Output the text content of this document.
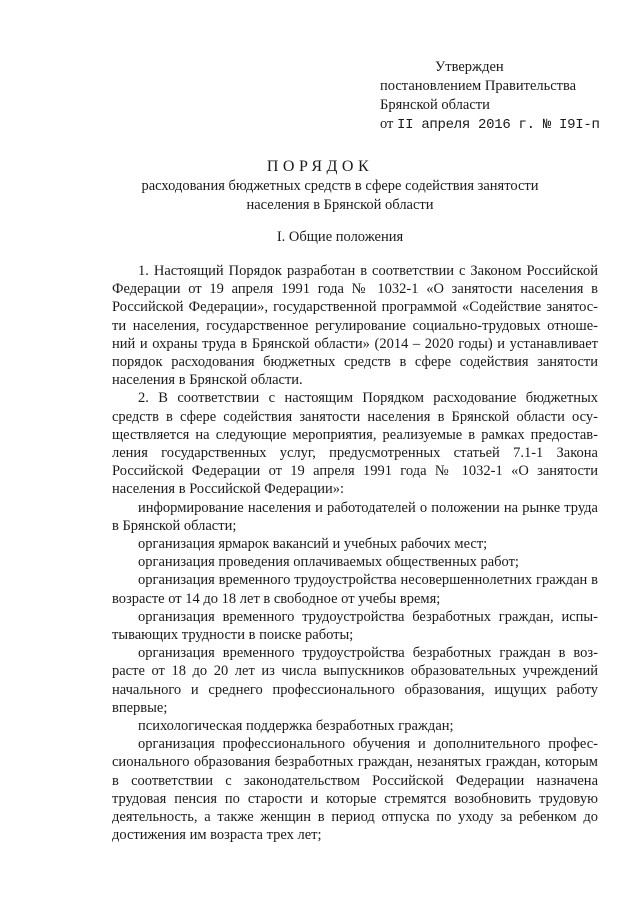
Утвержден
постановлением Правительства
Брянской области
от II апреля 2016 г. № I9I-п
ПОРЯДОК
расходования бюджетных средств в сфере содействия занятости населения в Брянской области
I. Общие положения

1. Настоящий Порядок разработан в соответствии с Законом Российской Федерации от 19 апреля 1991 года № 1032-1 «О занятости населения в Российской Федерации», государственной программой «Содействие занятости населения, государственное регулирование социально-трудовых отношений и охраны труда в Брянской области» (2014 – 2020 годы) и устанавливает порядок расходования бюджетных средств в сфере содействия занятости населения в Брянской области.

2. В соответствии с настоящим Порядком расходование бюджетных средств в сфере содействия занятости населения в Брянской области осуществляется на следующие мероприятия, реализуемые в рамках предоставления государственных услуг, предусмотренных статьей 7.1-1 Закона Российской Федерации от 19 апреля 1991 года № 1032-1 «О занятости населения в Российской Федерации»:

информирование населения и работодателей о положении на рынке труда в Брянской области;

организация ярмарок вакансий и учебных рабочих мест;

организация проведения оплачиваемых общественных работ;

организация временного трудоустройства несовершеннолетних граждан в возрасте от 14 до 18 лет в свободное от учебы время;

организация временного трудоустройства безработных граждан, испытывающих трудности в поиске работы;

организация временного трудоустройства безработных граждан в возрасте от 18 до 20 лет из числа выпускников образовательных учреждений начального и среднего профессионального образования, ищущих работу впервые;

психологическая поддержка безработных граждан;

организация профессионального обучения и дополнительного профессионального образования безработных граждан, незанятых граждан, которым в соответствии с законодательством Российской Федерации назначена трудовая пенсия по старости и которые стремятся возобновить трудовую деятельность, а также женщин в период отпуска по уходу за ребенком до достижения им возраста трех лет;
